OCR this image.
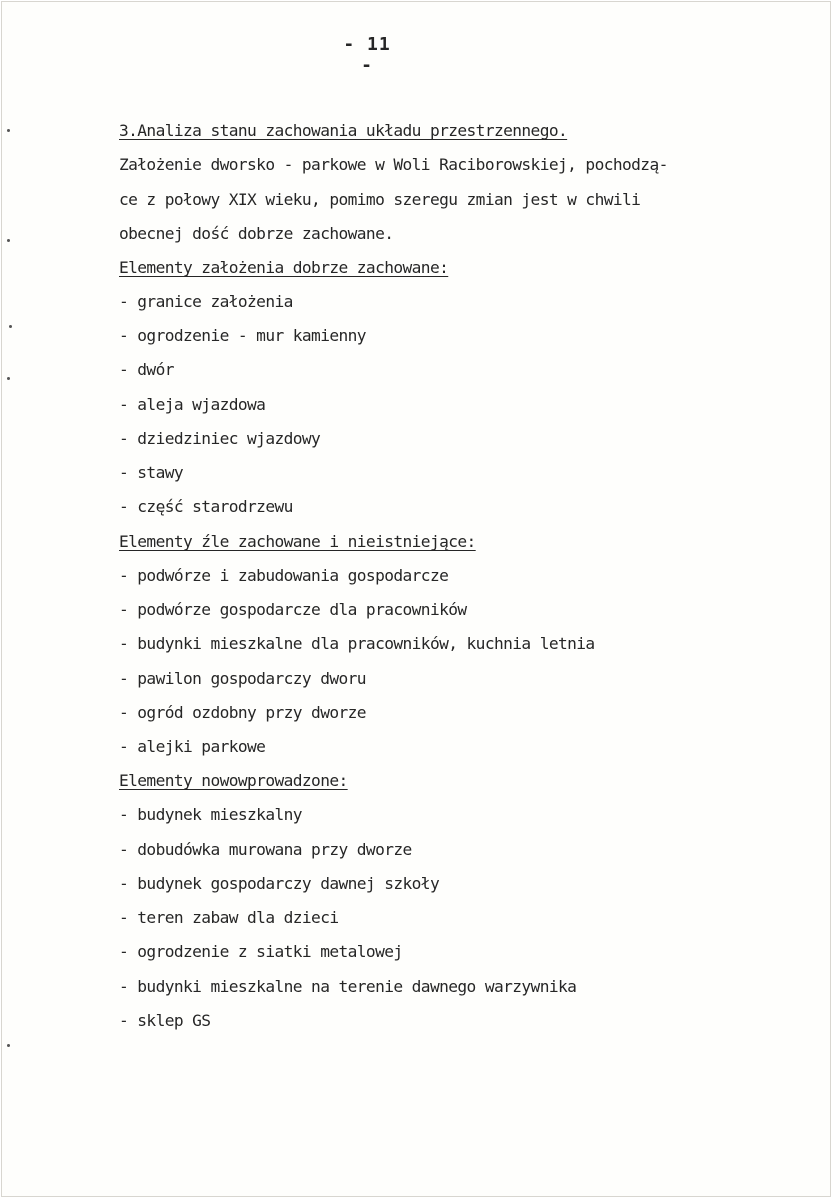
- 11 -
3.Analiza stanu zachowania układu przestrzennego.
Założenie dworsko - parkowe w Woli Raciborowskiej, pochodzą-
ce z połowy XIX wieku, pomimo szeregu zmian jest w chwili
obecnej dość dobrze zachowane.
Elementy założenia dobrze zachowane:
- granice założenia
- ogrodzenie - mur kamienny
- dwór
- aleja wjazdowa
- dziedziniec wjazdowy
- stawy
- część starodrzewu
Elementy źle zachowane i nieistniejące:
- podwórze i zabudowania gospodarcze
- podwórze gospodarcze dla pracowników
- budynki mieszkalne dla pracowników, kuchnia letnia
- pawilon gospodarczy dworu
- ogród ozdobny przy dworze
- alejki parkowe
Elementy nowowprowadzone:
- budynek mieszkalny
- dobudówka murowana przy dworze
- budynek gospodarczy dawnej szkoły
- teren zabaw dla dzieci
- ogrodzenie z siatki metalowej
- budynki mieszkalne na terenie dawnego warzywnika
- sklep GS
